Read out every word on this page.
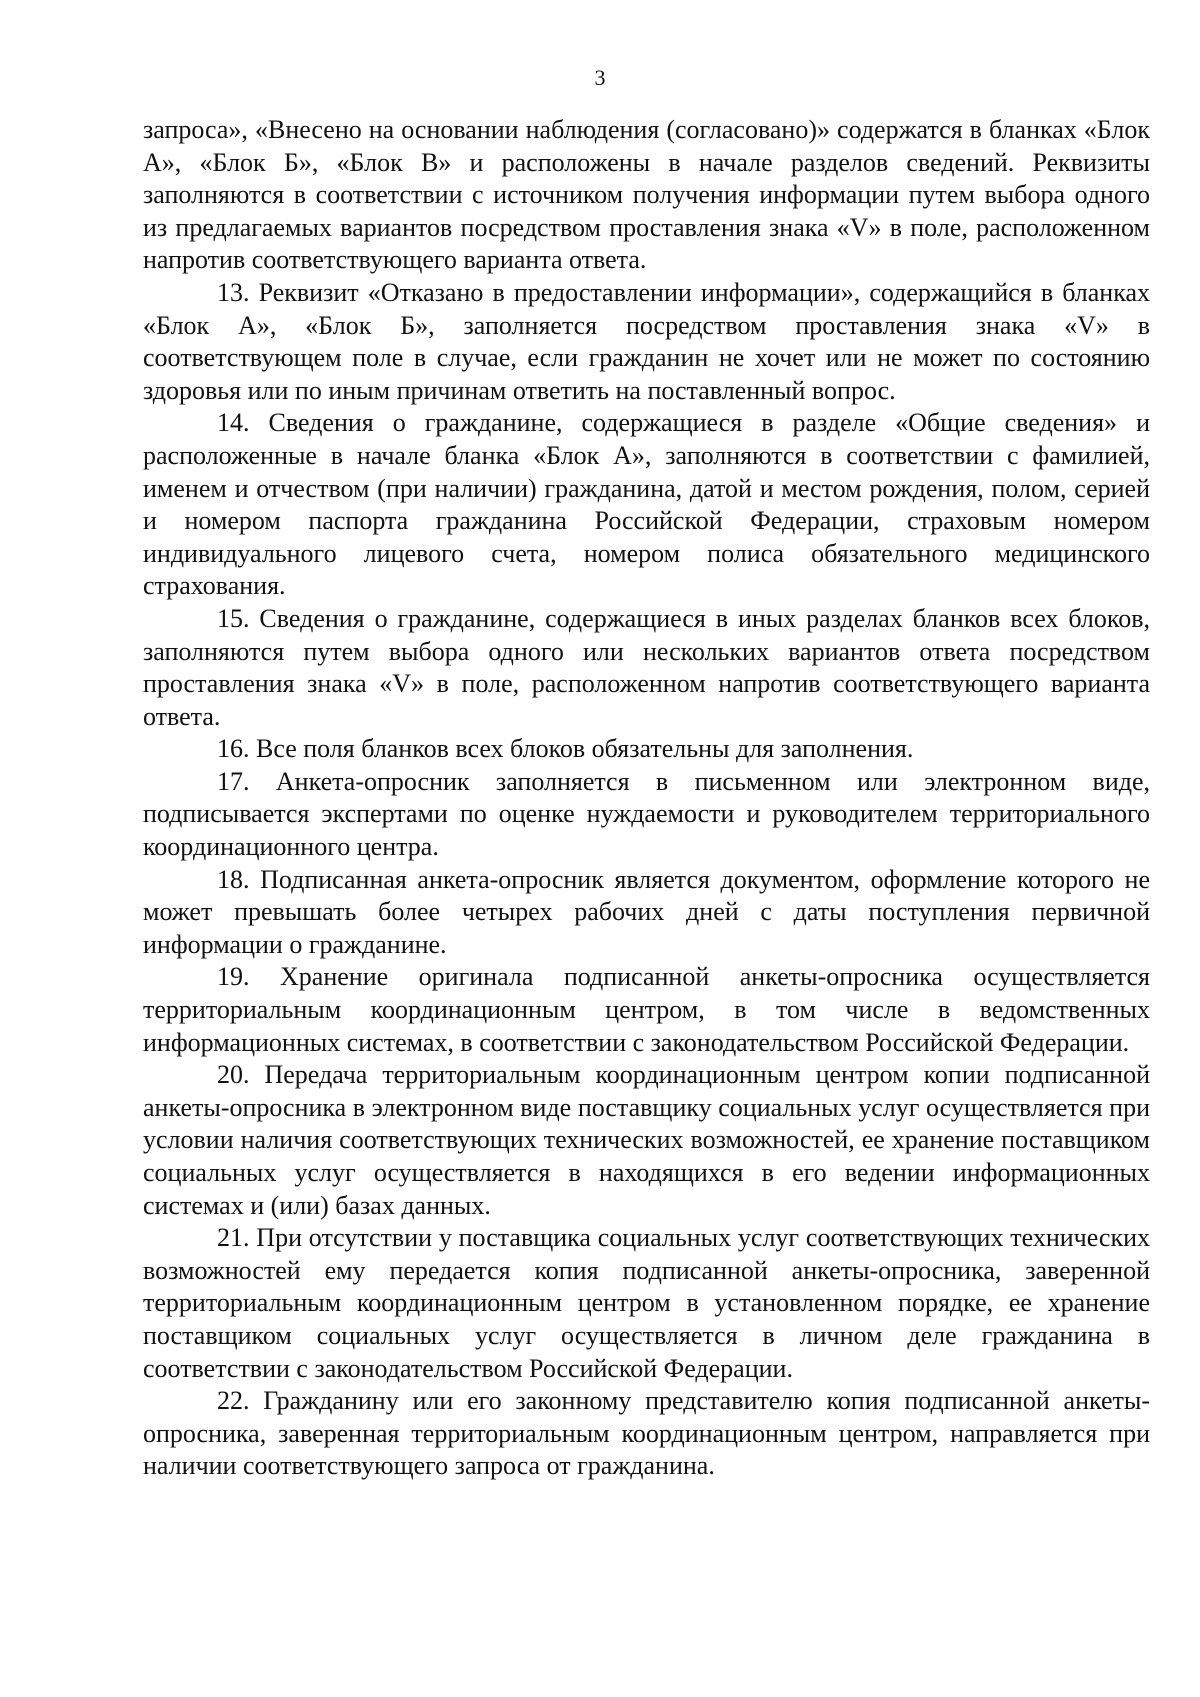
3

запроса», «Внесено на основании наблюдения (согласовано)» содержатся в бланках «Блок А», «Блок Б», «Блок В» и расположены в начале разделов сведений. Реквизиты заполняются в соответствии с источником получения информации путем выбора одного из предлагаемых вариантов посредством проставления знака «V» в поле, расположенном напротив соответствующего варианта ответа.

13. Реквизит «Отказано в предоставлении информации», содержащийся в бланках «Блок А», «Блок Б», заполняется посредством проставления знака «V» в соответствующем поле в случае, если гражданин не хочет или не может по состоянию здоровья или по иным причинам ответить на поставленный вопрос.

14. Сведения о гражданине, содержащиеся в разделе «Общие сведения» и расположенные в начале бланка «Блок А», заполняются в соответствии с фамилией, именем и отчеством (при наличии) гражданина, датой и местом рождения, полом, серией и номером паспорта гражданина Российской Федерации, страховым номером индивидуального лицевого счета, номером полиса обязательного медицинского страхования.

15. Сведения о гражданине, содержащиеся в иных разделах бланков всех блоков, заполняются путем выбора одного или нескольких вариантов ответа посредством проставления знака «V» в поле, расположенном напротив соответствующего варианта ответа.

16. Все поля бланков всех блоков обязательны для заполнения.

17. Анкета-опросник заполняется в письменном или электронном виде, подписывается экспертами по оценке нуждаемости и руководителем территориального координационного центра.

18. Подписанная анкета-опросник является документом, оформление которого не может превышать более четырех рабочих дней с даты поступления первичной информации о гражданине.

19. Хранение оригинала подписанной анкеты-опросника осуществляется территориальным координационным центром, в том числе в ведомственных информационных системах, в соответствии с законодательством Российской Федерации.

20. Передача территориальным координационным центром копии подписанной анкеты-опросника в электронном виде поставщику социальных услуг осуществляется при условии наличия соответствующих технических возможностей, ее хранение поставщиком социальных услуг осуществляется в находящихся в его ведении информационных системах и (или) базах данных.

21. При отсутствии у поставщика социальных услуг соответствующих технических возможностей ему передается копия подписанной анкеты-опросника, заверенной территориальным координационным центром в установленном порядке, ее хранение поставщиком социальных услуг осуществляется в личном деле гражданина в соответствии с законодательством Российской Федерации.

22. Гражданину или его законному представителю копия подписанной анкеты-опросника, заверенная территориальным координационным центром, направляется при наличии соответствующего запроса от гражданина.
